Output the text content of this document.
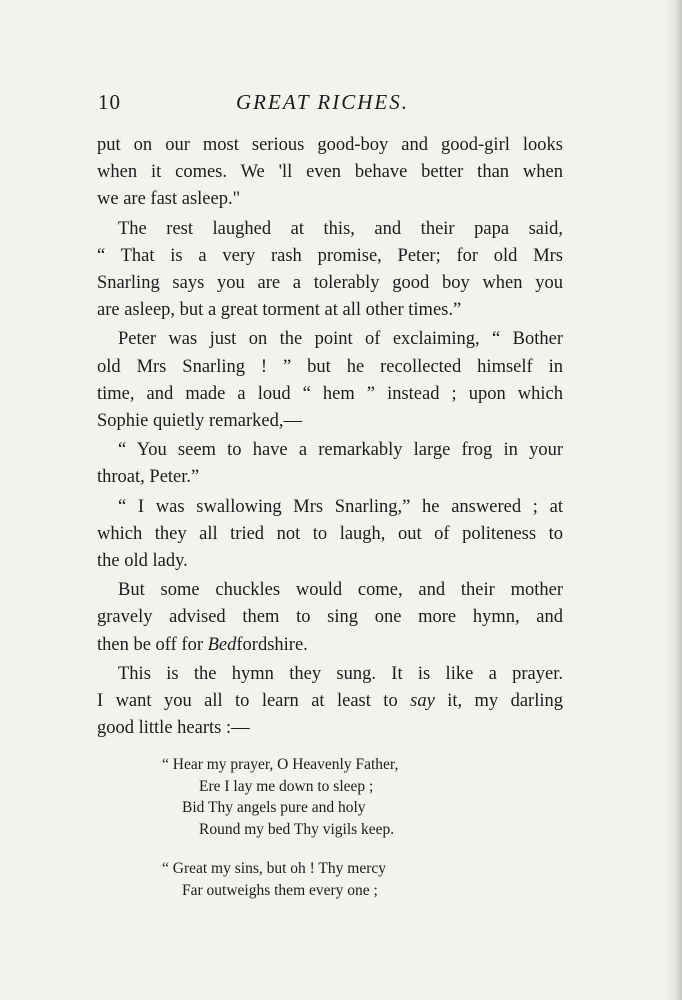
10	GREAT RICHES.

put on our most serious good-boy and good-girl looks
when it comes. We 'll even behave better than when
we are fast asleep."

The rest laughed at this, and their papa said,
“ That is a very rash promise, Peter; for old Mrs
Snarling says you are a tolerably good boy when you
are asleep, but a great torment at all other times.”

Peter was just on the point of exclaiming, “ Bother
old Mrs Snarling ! ” but he recollected himself in
time, and made a loud “ hem ” instead ; upon which
Sophie quietly remarked,—

“ You seem to have a remarkably large frog in your
throat, Peter.”

“ I was swallowing Mrs Snarling,” he answered ; at
which they all tried not to laugh, out of politeness to
the old lady.

But some chuckles would come, and their mother
gravely advised them to sing one more hymn, and
then be off for Bedfordshire.

This is the hymn they sung. It is like a prayer.
I want you all to learn at least to say it, my darling
good little hearts :—

“ Hear my prayer, O Heavenly Father,
Ere I lay me down to sleep ;
Bid Thy angels pure and holy
Round my bed Thy vigils keep.
“ Great my sins, but oh ! Thy mercy
Far outweighs them every one ;
